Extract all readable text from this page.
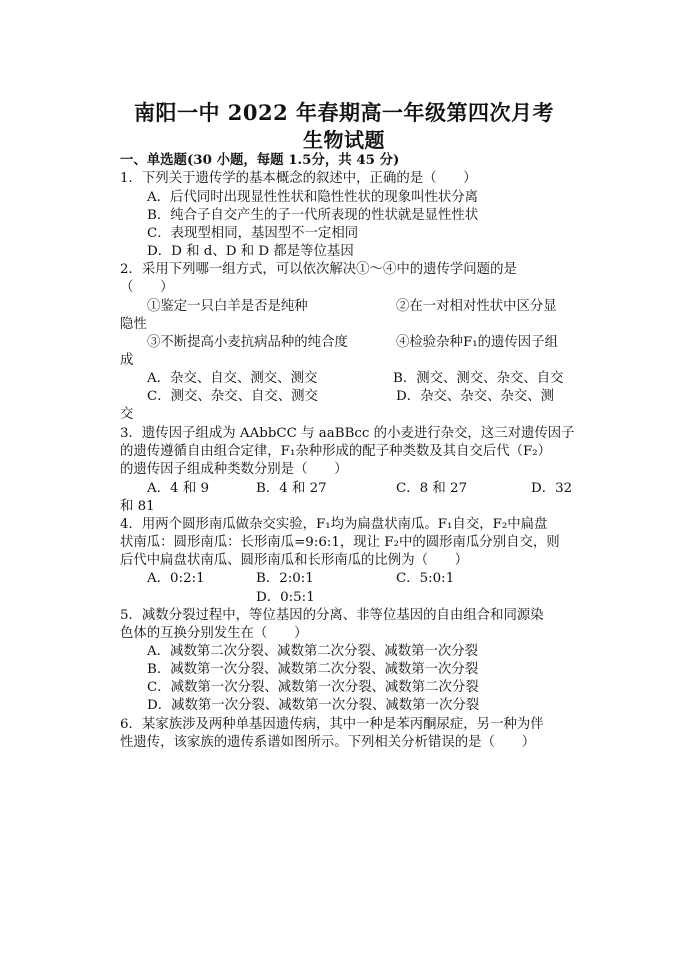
南阳一中 2022 年春期高一年级第四次月考
生物试题
一、单选题(30 小题，每题 1.5分，共 45 分)
1．下列关于遗传学的基本概念的叙述中，正确的是（　　）
A．后代同时出现显性性状和隐性性状的现象叫性状分离
B．纯合子自交产生的子一代所表现的性状就是显性性状
C．表现型相同，基因型不一定相同
D．D 和 d、D 和 D 都是等位基因
2．采用下列哪一组方式，可以依次解决①～④中的遗传学问题的是
（　　）
①鉴定一只白羊是否是纯种	②在一对相对性状中区分显
隐性
③不断提高小麦抗病品种的纯合度	④检验杂种F₁的遗传因子组
成
A．杂交、自交、测交、测交	B．测交、测交、杂交、自交
C．测交、杂交、自交、测交	D．杂交、杂交、杂交、测
交
3．遗传因子组成为 AAbbCC 与 aaBBcc 的小麦进行杂交，这三对遗传因子
的遗传遵循自由组合定律，F₁杂种形成的配子种类数及其自交后代（F₂）
的遗传因子组成种类数分别是（　　）
A．4 和 9	B．4 和 27	C．8 和 27	D．32
和 81
4．用两个圆形南瓜做杂交实验，F₁均为扁盘状南瓜。F₁自交，F₂中扁盘
状南瓜：圆形南瓜：长形南瓜=9:6:1，现让 F₂中的圆形南瓜分别自交，则
后代中扁盘状南瓜、圆形南瓜和长形南瓜的比例为（　　）
A．0:2:1	B．2:0:1	C．5:0:1
D．0:5:1
5．减数分裂过程中，等位基因的分离、非等位基因的自由组合和同源染
色体的互换分别发生在（　　）
A．减数第二次分裂、减数第二次分裂、减数第一次分裂
B．减数第一次分裂、减数第二次分裂、减数第一次分裂
C．减数第一次分裂、减数第一次分裂、减数第二次分裂
D．减数第一次分裂、减数第一次分裂、减数第一次分裂
6．某家族涉及两种单基因遗传病，其中一种是苯丙酮尿症，另一种为伴
性遗传，该家族的遗传系谱如图所示。下列相关分析错误的是（　　）
